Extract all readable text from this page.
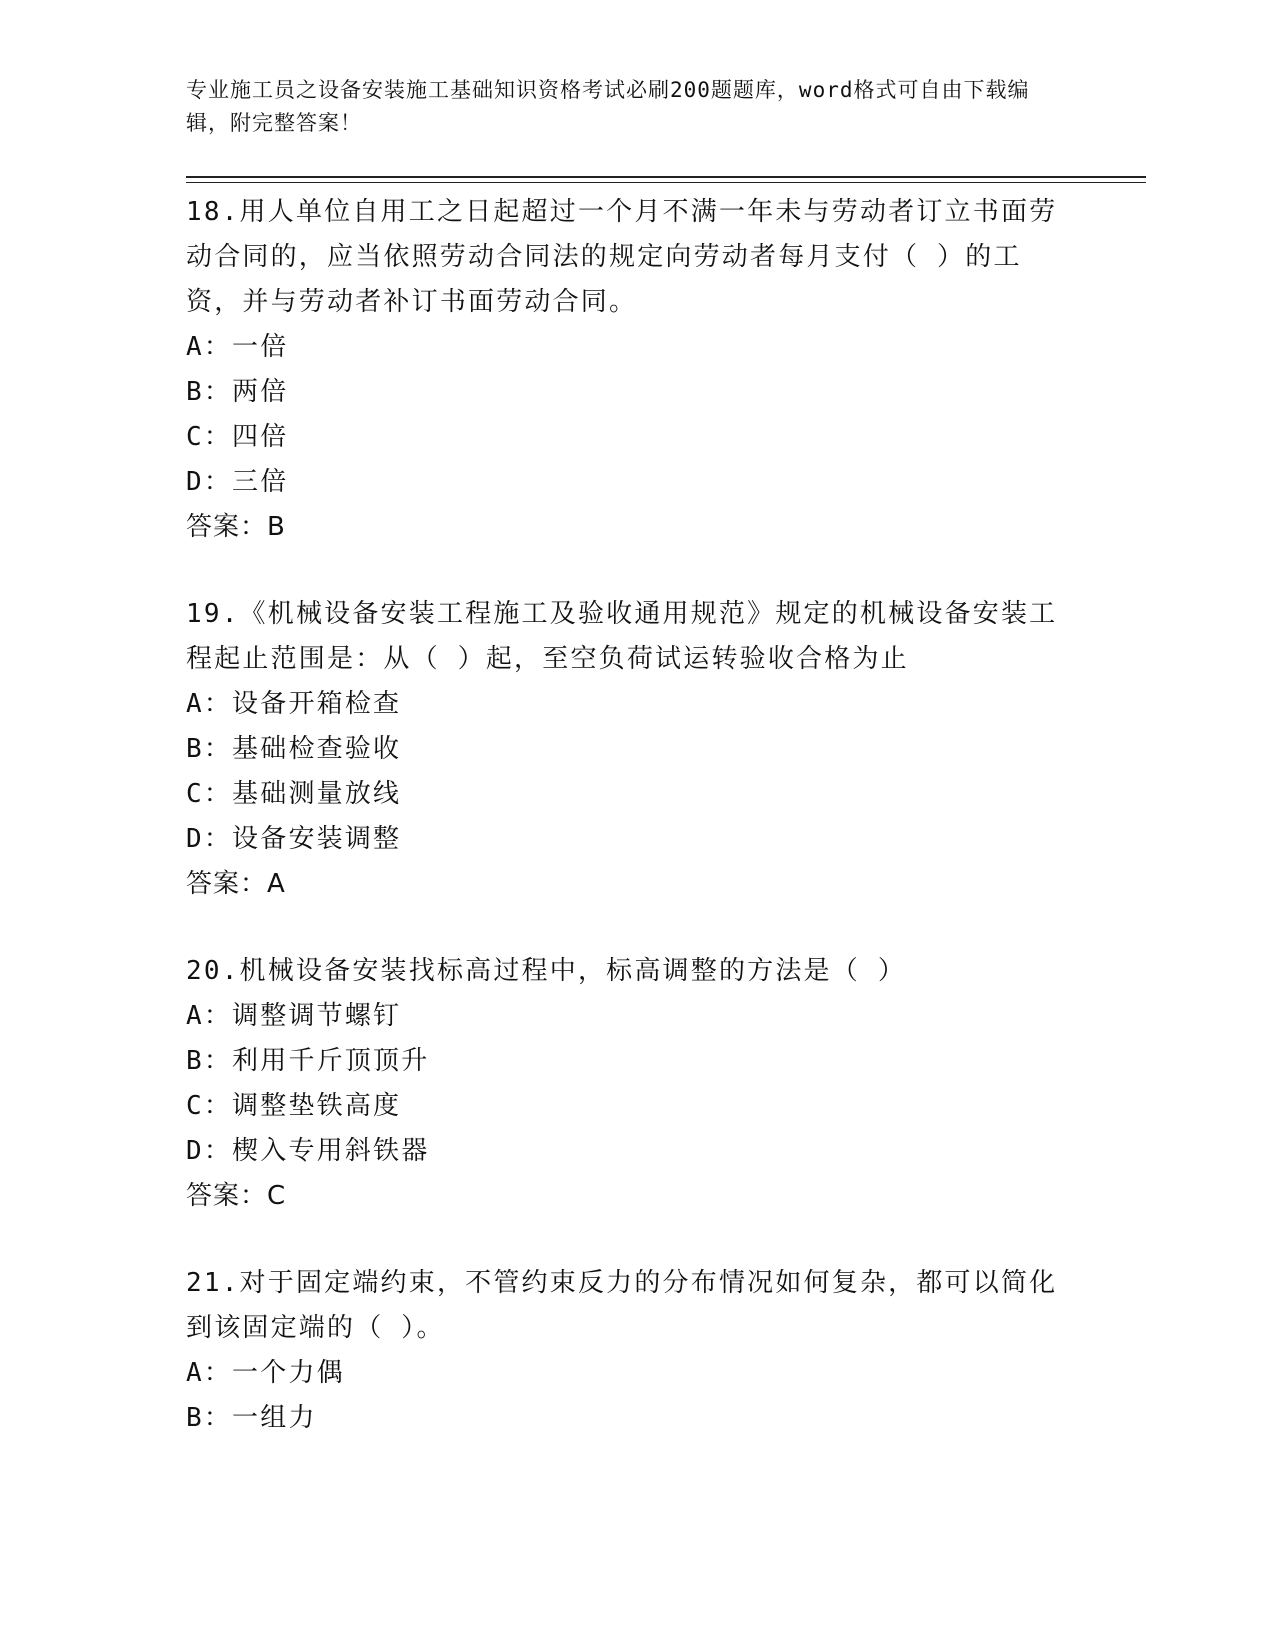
专业施工员之设备安装施工基础知识资格考试必刷200题题库，word格式可自由下载编辑，附完整答案！

18.用人单位自用工之日起超过一个月不满一年未与劳动者订立书面劳动合同的，应当依照劳动合同法的规定向劳动者每月支付（ ）的工资，并与劳动者补订书面劳动合同。

A：一倍

B：两倍

C：四倍

D：三倍

答案：B

19.《机械设备安装工程施工及验收通用规范》规定的机械设备安装工程起止范围是：从（ ）起，至空负荷试运转验收合格为止

A：设备开箱检查

B：基础检查验收

C：基础测量放线

D：设备安装调整

答案：A

20.机械设备安装找标高过程中，标高调整的方法是（ ）

A：调整调节螺钉

B：利用千斤顶顶升

C：调整垫铁高度

D：楔入专用斜铁器

答案：C

21.对于固定端约束，不管约束反力的分布情况如何复杂，都可以简化到该固定端的（ ）。

A：一个力偶

B：一组力
